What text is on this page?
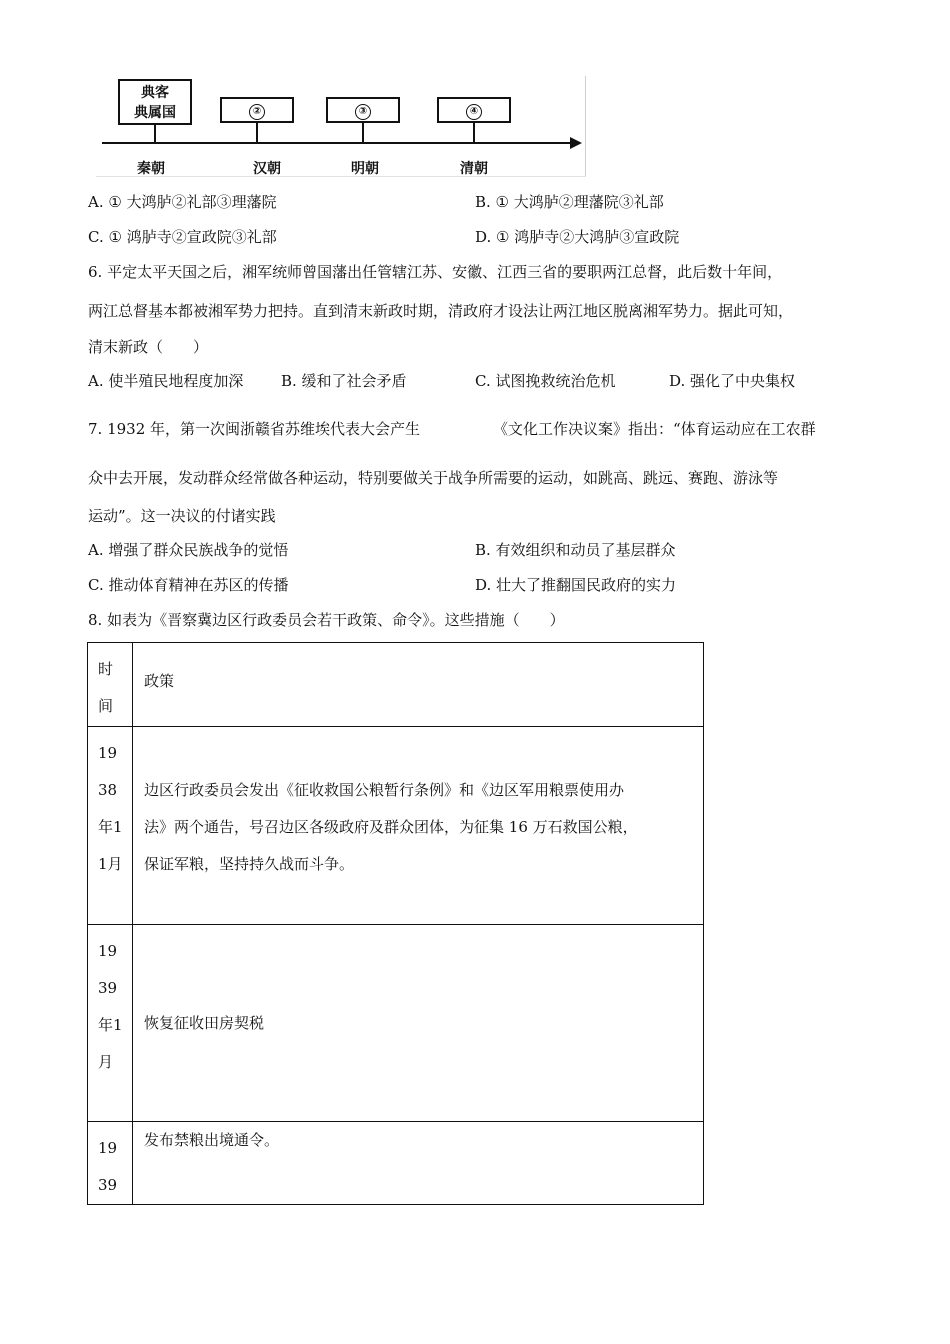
典客
典属国	②	③	④
秦朝	汉朝	明朝	清朝
A. ① 大鸿胪②礼部③理藩院	B. ① 大鸿胪②理藩院③礼部
C. ① 鸿胪寺②宣政院③礼部	D. ① 鸿胪寺②大鸿胪③宣政院
6. 平定太平天国之后，湘军统师曾国藩出任管辖江苏、安徽、江西三省的要职两江总督，此后数十年间，
两江总督基本都被湘军势力把持。直到清末新政时期，清政府才设法让两江地区脱离湘军势力。据此可知，
清末新政（　　）
A. 使半殖民地程度加深	B. 缓和了社会矛盾	C. 试图挽救统治危机	D. 强化了中央集权
7. 1932 年，第一次闽浙赣省苏维埃代表大会产生	《文化工作决议案》指出：“体育运动应在工农群
众中去开展，发动群众经常做各种运动，特别要做关于战争所需要的运动，如跳高、跳远、赛跑、游泳等
运动”。这一决议的付诸实践
A. 增强了群众民族战争的觉悟	B. 有效组织和动员了基层群众
C. 推动体育精神在苏区的传播	D. 壮大了推翻国民政府的实力
8. 如表为《晋察冀边区行政委员会若干政策、命令》。这些措施（　　）
时间	政策

1938年11月	边区行政委员会发出《征收救国公粮暂行条例》和《边区军用粮票使用办
法》两个通告，号召边区各级政府及群众团体，为征集 16 万石救国公粮，
保证军粮，坚持持久战而斗争。

1939年1月	恢复征收田房契税

1939	发布禁粮出境通令。
